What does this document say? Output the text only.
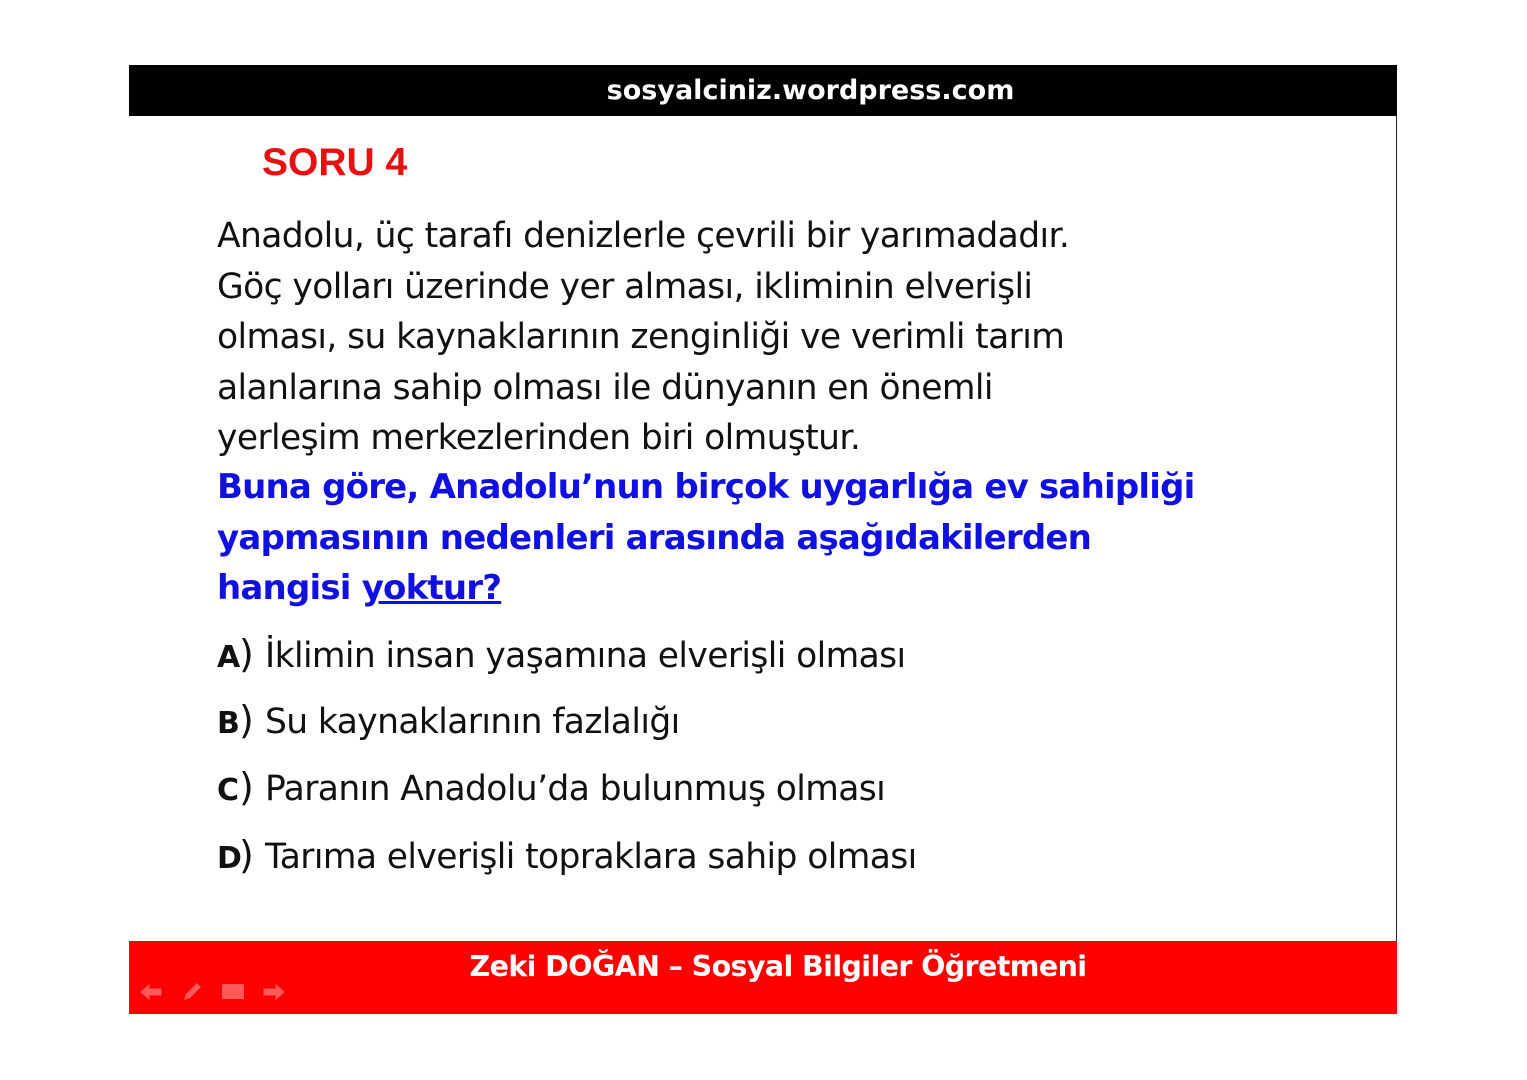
sosyalciniz.wordpress.com
SORU 4
Anadolu, üç tarafı denizlerle çevrili bir yarımadadır.
Göç yolları üzerinde yer alması, ikliminin elverişli
olması, su kaynaklarının zenginliği ve verimli tarım
alanlarına sahip olması ile dünyanın en önemli
yerleşim merkezlerinden biri olmuştur.
Buna göre, Anadolu’nun birçok uygarlığa ev sahipliği
yapmasının nedenleri arasında aşağıdakilerden
hangisi yoktur?
A) İklimin insan yaşamına elverişli olması
B) Su kaynaklarının fazlalığı
C) Paranın Anadolu’da bulunmuş olması
D) Tarıma elverişli topraklara sahip olması
Zeki DOĞAN – Sosyal Bilgiler Öğretmeni
